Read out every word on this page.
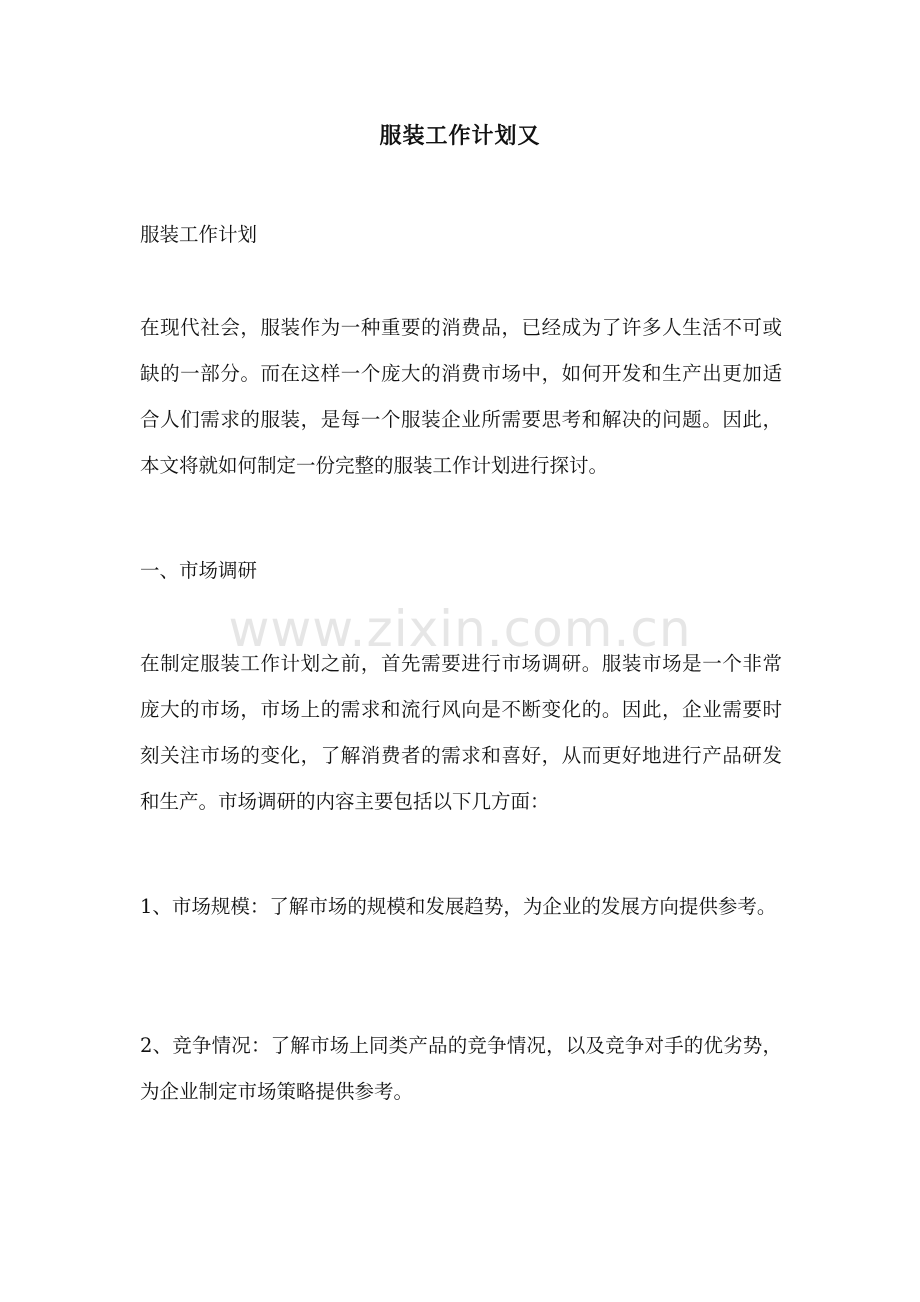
服装工作计划又
服装工作计划
在现代社会，服装作为一种重要的消费品，已经成为了许多人生活不可或缺的一部分。而在这样一个庞大的消费市场中，如何开发和生产出更加适合人们需求的服装，是每一个服装企业所需要思考和解决的问题。因此，本文将就如何制定一份完整的服装工作计划进行探讨。
一、市场调研
在制定服装工作计划之前，首先需要进行市场调研。服装市场是一个非常庞大的市场，市场上的需求和流行风向是不断变化的。因此，企业需要时刻关注市场的变化，了解消费者的需求和喜好，从而更好地进行产品研发和生产。市场调研的内容主要包括以下几方面：
1、市场规模：了解市场的规模和发展趋势，为企业的发展方向提供参考。
2、竞争情况：了解市场上同类产品的竞争情况，以及竞争对手的优劣势，为企业制定市场策略提供参考。
www.zixin.com.cn
